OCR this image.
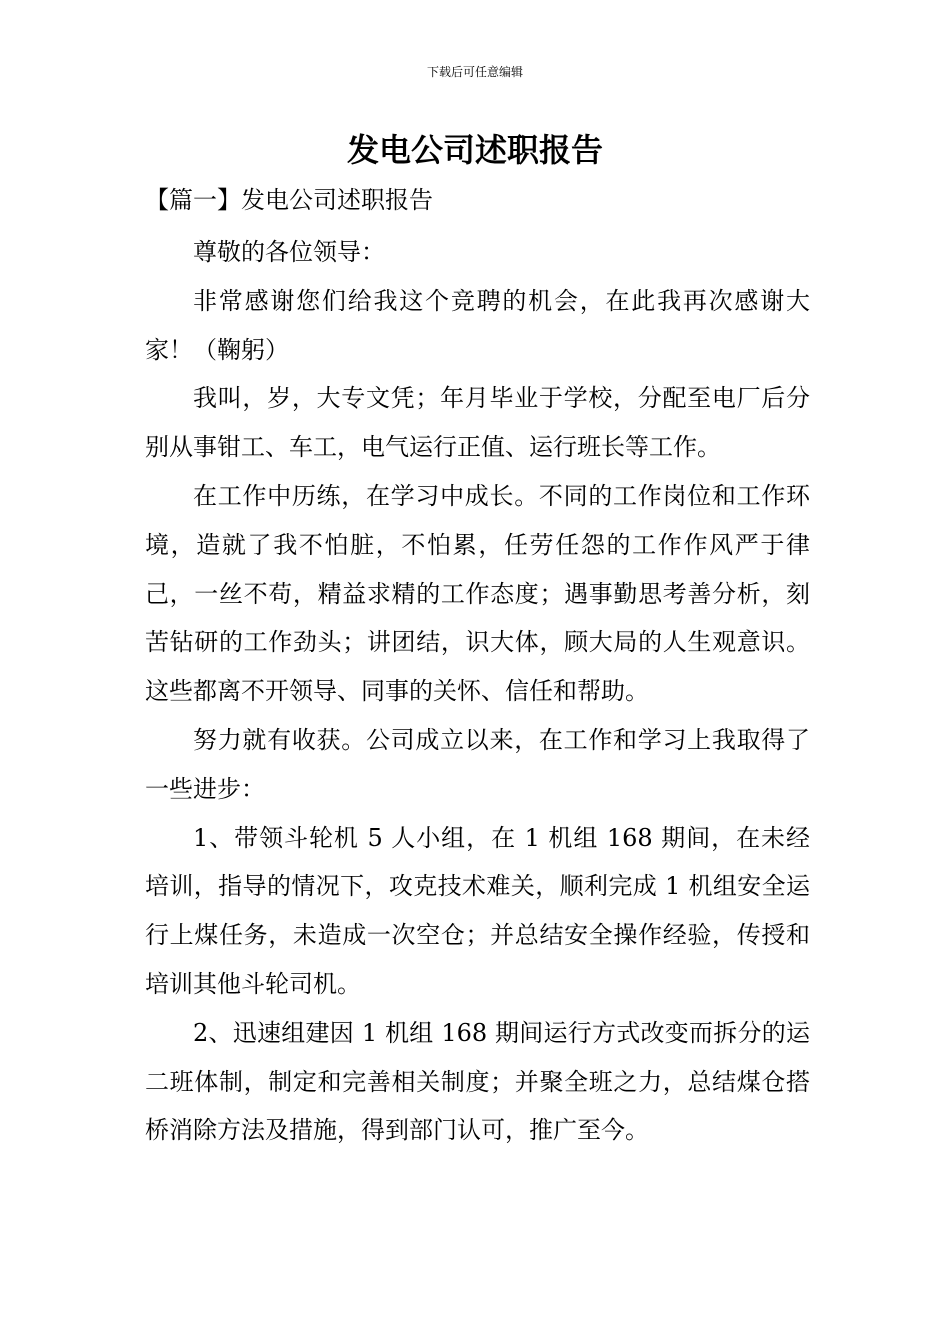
下载后可任意编辑
发电公司述职报告
【篇一】发电公司述职报告

尊敬的各位领导：

非常感谢您们给我这个竞聘的机会，在此我再次感谢大家！（鞠躬）

我叫，岁，大专文凭；年月毕业于学校，分配至电厂后分别从事钳工、车工，电气运行正值、运行班长等工作。

在工作中历练，在学习中成长。不同的工作岗位和工作环境，造就了我不怕脏，不怕累，任劳任怨的工作作风严于律己，一丝不苟，精益求精的工作态度；遇事勤思考善分析，刻苦钻研的工作劲头；讲团结，识大体，顾大局的人生观意识。这些都离不开领导、同事的关怀、信任和帮助。

努力就有收获。公司成立以来，在工作和学习上我取得了一些进步：

1、带领斗轮机 5 人小组，在 1 机组 168 期间，在未经培训，指导的情况下，攻克技术难关，顺利完成 1 机组安全运行上煤任务，未造成一次空仓；并总结安全操作经验，传授和培训其他斗轮司机。

2、迅速组建因 1 机组 168 期间运行方式改变而拆分的运二班体制，制定和完善相关制度；并聚全班之力，总结煤仓搭桥消除方法及措施，得到部门认可，推广至今。
